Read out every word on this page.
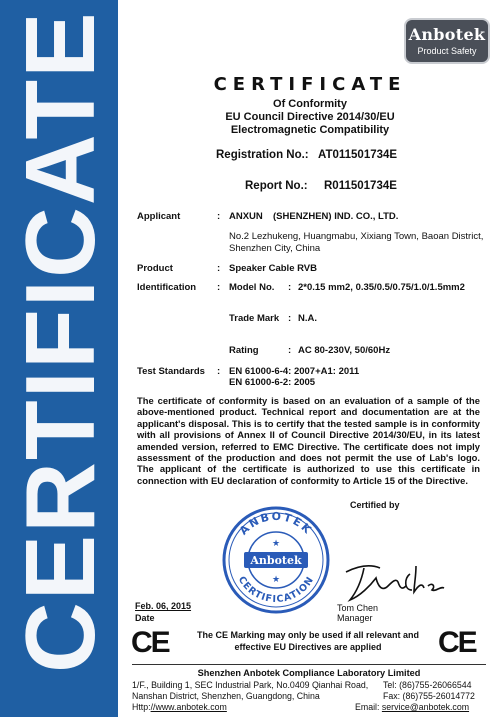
CERTIFICATE	Anbotek
Product Safety
CERTIFICATE
Of Conformity
EU Council Directive 2014/30/EU
Electromagnetic Compatibility
Registration No.: AT011501734E
Report No.: R011501734E
Applicant	: ANXUN (SHENZHEN) IND. CO., LTD.
No.2 Lezhukeng, Huangmabu, Xixiang Town, Baoan District,
Shenzhen City, China
Product	: Speaker Cable RVB
Identification : Model No. : 2*0.15 mm2, 0.35/0.5/0.75/1.0/1.5mm2
Trade Mark : N.A.
Rating	: AC 80-230V, 50/60Hz
Test Standards : EN 61000-6-4: 2007+A1: 2011
EN 61000-6-2: 2005
The certificate of conformity is based on an evaluation of a sample of the above-mentioned product. Technical report and documentation are at the applicant's disposal. This is to certify that the tested sample is in conformity with all provisions of Annex II of Council Directive 2014/30/EU, in its latest amended version, referred to EMC Directive. The certificate does not imply assessment of the production and does not permit the use of Lab's logo. The applicant of the certificate is authorized to use this certificate in connection with EU declaration of conformity to Article 15 of the Directive.
Certified by
ANBOTEK
CERTIFICATION
Anbotek
★
★
Feb. 06, 2015
Date
Tom Chen
Manager
CE	CE
The CE Marking may only be used if all relevant and
effective EU Directives are applied
Shenzhen Anbotek Compliance Laboratory Limited
1/F., Building 1, SEC Industrial Park, No.0409 Qianhai Road, Tel: (86)755-26066544
Nanshan District, Shenzhen, Guangdong, China	Fax: (86)755-26014772
Http://www.anbotek.com	Email: service@anbotek.com
